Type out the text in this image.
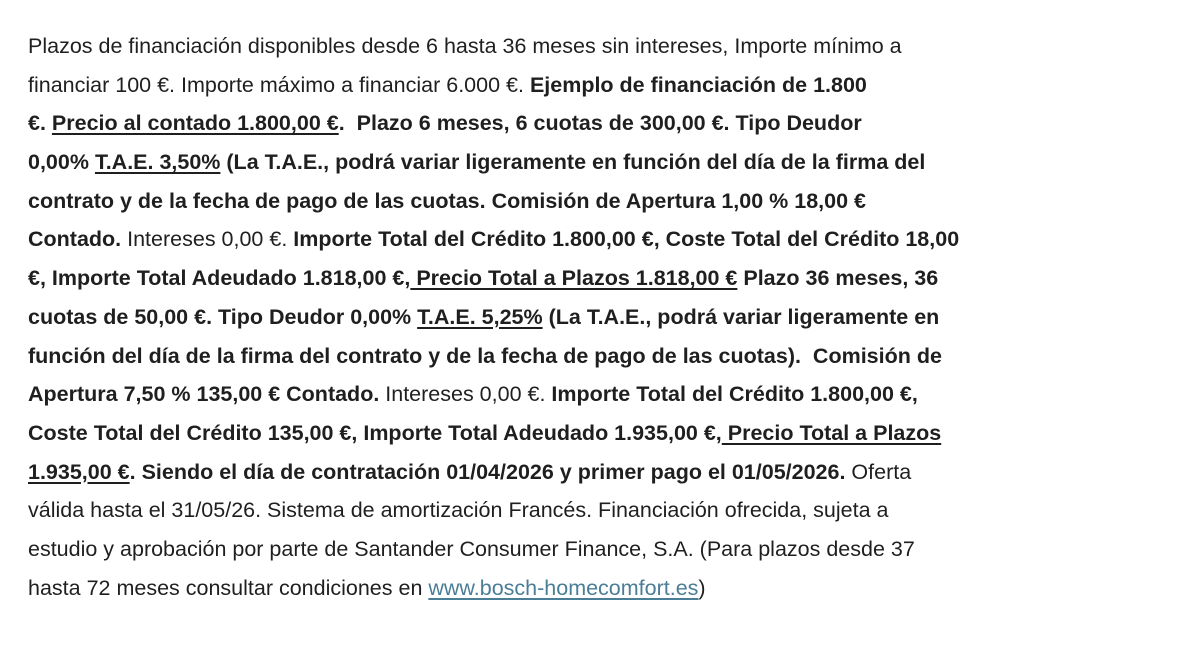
Plazos de financiación disponibles desde 6 hasta 36 meses sin intereses, Importe mínimo a
financiar 100 €. Importe máximo a financiar 6.000 €. Ejemplo de financiación de 1.800
€. Precio al contado 1.800,00 €.  Plazo 6 meses, 6 cuotas de 300,00 €. Tipo Deudor
0,00% T.A.E. 3,50% (La T.A.E., podrá variar ligeramente en función del día de la firma del
contrato y de la fecha de pago de las cuotas. Comisión de Apertura 1,00 % 18,00 €
Contado. Intereses 0,00 €. Importe Total del Crédito 1.800,00 €, Coste Total del Crédito 18,00
€, Importe Total Adeudado 1.818,00 €, Precio Total a Plazos 1.818,00 € Plazo 36 meses, 36
cuotas de 50,00 €. Tipo Deudor 0,00% T.A.E. 5,25% (La T.A.E., podrá variar ligeramente en
función del día de la firma del contrato y de la fecha de pago de las cuotas).  Comisión de
Apertura 7,50 % 135,00 € Contado. Intereses 0,00 €. Importe Total del Crédito 1.800,00 €,
Coste Total del Crédito 135,00 €, Importe Total Adeudado 1.935,00 €, Precio Total a Plazos
1.935,00 €. Siendo el día de contratación 01/04/2026 y primer pago el 01/05/2026. Oferta
válida hasta el 31/05/26. Sistema de amortización Francés. Financiación ofrecida, sujeta a
estudio y aprobación por parte de Santander Consumer Finance, S.A. (Para plazos desde 37
hasta 72 meses consultar condiciones en www.bosch-homecomfort.es)
